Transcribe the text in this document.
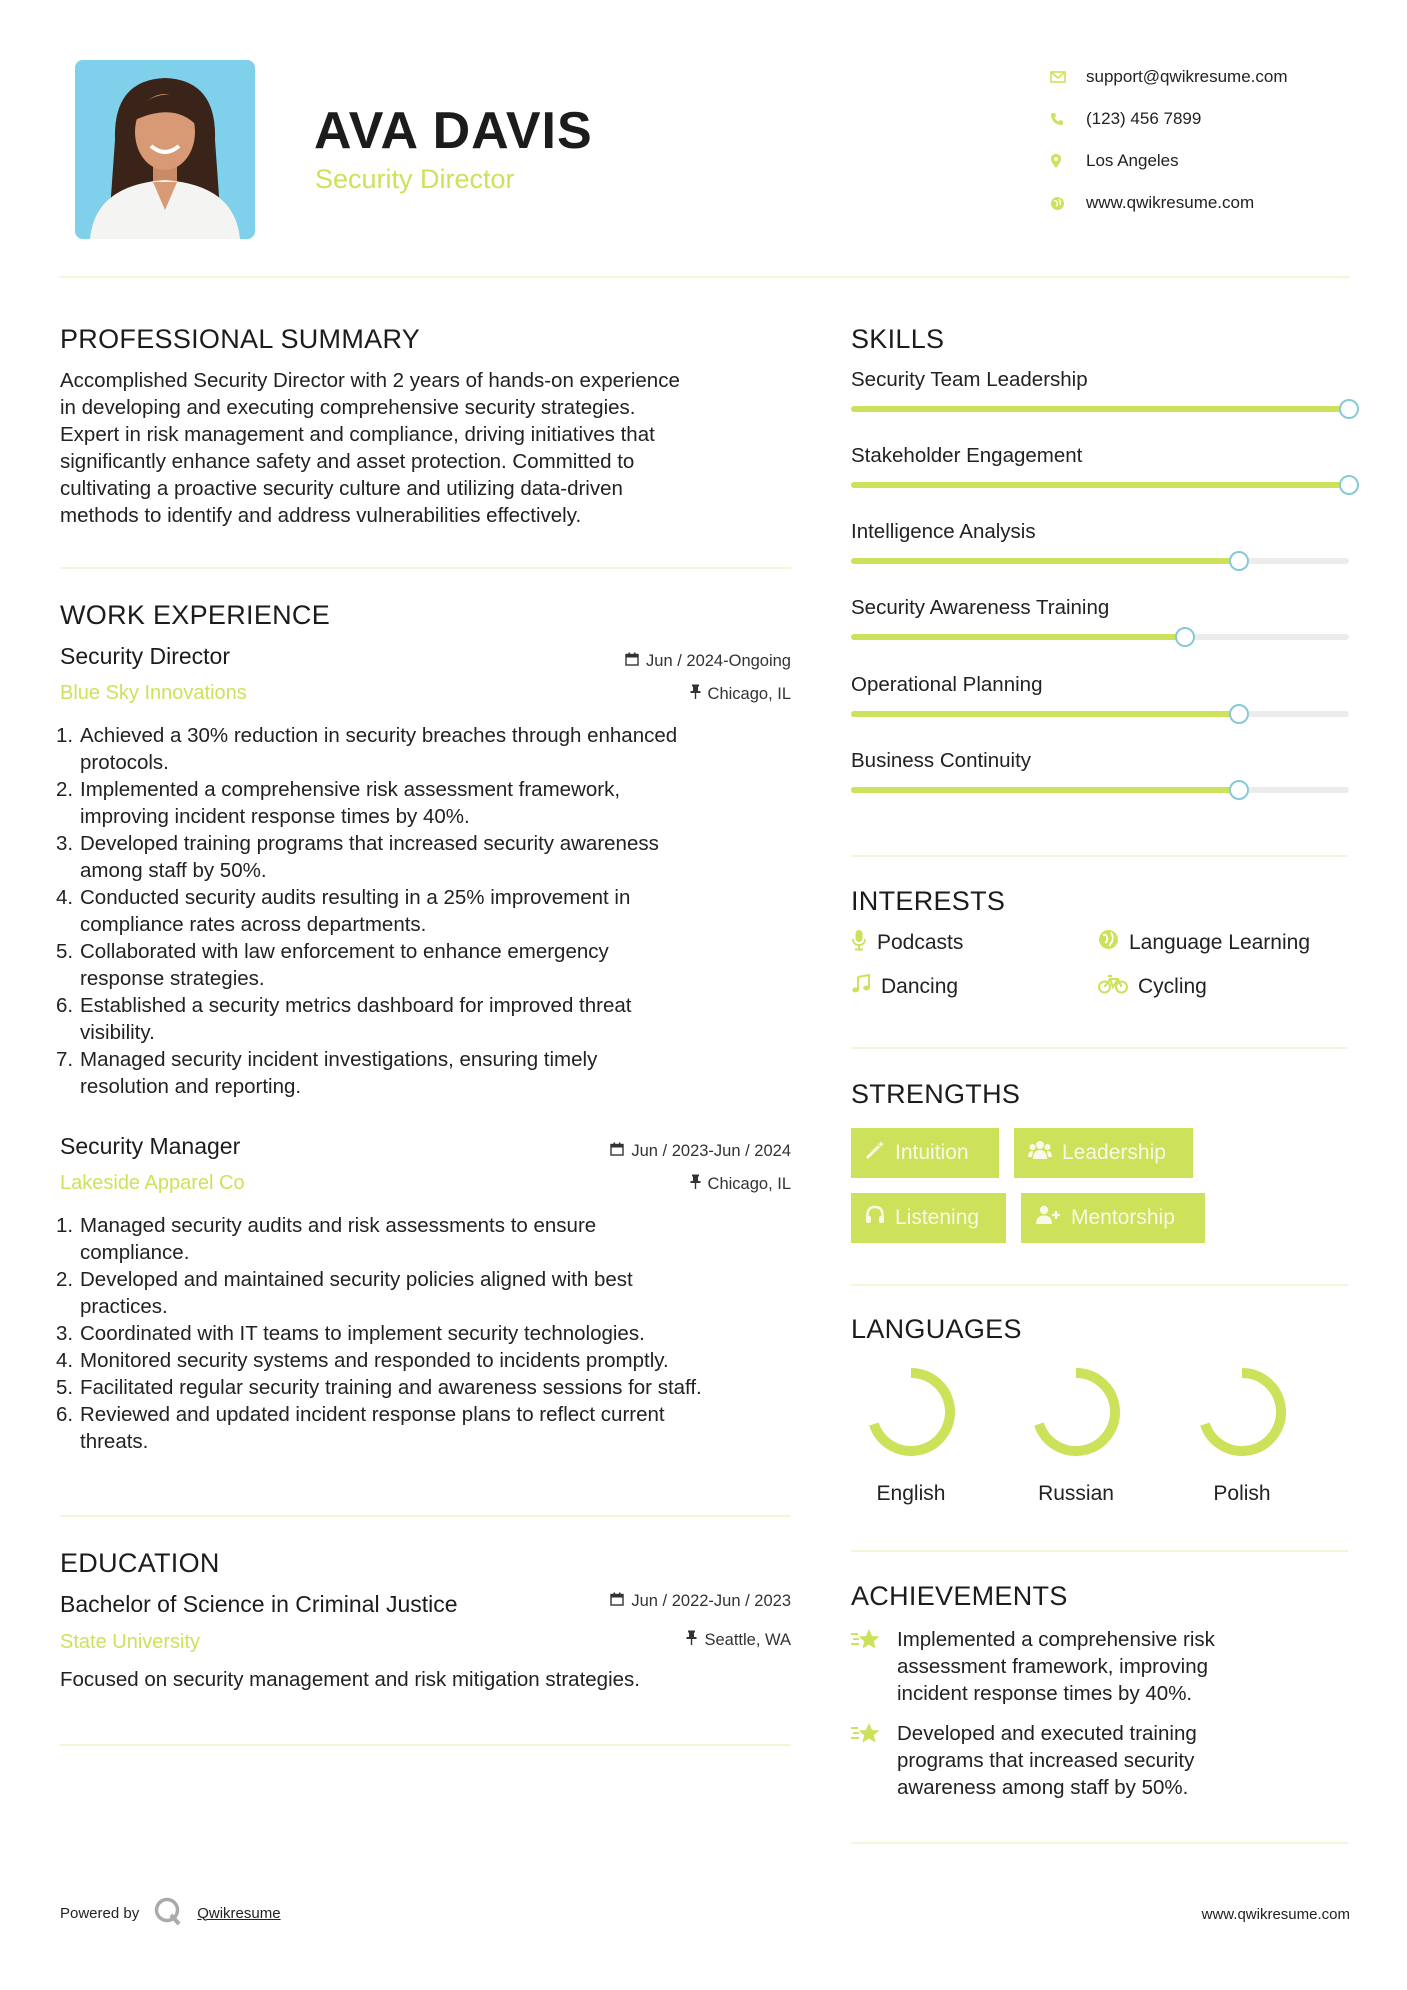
AVA DAVIS
Security Director
support@qwikresume.com
(123) 456 7899
Los Angeles
www.qwikresume.com
PROFESSIONAL SUMMARY
Accomplished Security Director with 2 years of hands-on experience
in developing and executing comprehensive security strategies.
Expert in risk management and compliance, driving initiatives that
significantly enhance safety and asset protection. Committed to
cultivating a proactive security culture and utilizing data-driven
methods to identify and address vulnerabilities effectively.
WORK EXPERIENCE
Security Director	Jun / 2024-Ongoing
Blue Sky Innovations	Chicago, IL
1. Achieved a 30% reduction in security breaches through enhanced
protocols.
2. Implemented a comprehensive risk assessment framework,
improving incident response times by 40%.
3. Developed training programs that increased security awareness
among staff by 50%.
4. Conducted security audits resulting in a 25% improvement in
compliance rates across departments.
5. Collaborated with law enforcement to enhance emergency
response strategies.
6. Established a security metrics dashboard for improved threat
visibility.
7. Managed security incident investigations, ensuring timely
resolution and reporting.
Security Manager	Jun / 2023-Jun / 2024
Lakeside Apparel Co	Chicago, IL
1. Managed security audits and risk assessments to ensure
compliance.
2. Developed and maintained security policies aligned with best
practices.
3. Coordinated with IT teams to implement security technologies.
4. Monitored security systems and responded to incidents promptly.
5. Facilitated regular security training and awareness sessions for staff.
6. Reviewed and updated incident response plans to reflect current
threats.
EDUCATION
Bachelor of Science in Criminal Justice	Jun / 2022-Jun / 2023
State University	Seattle, WA
Focused on security management and risk mitigation strategies.
SKILLS
Security Team Leadership
Stakeholder Engagement
Intelligence Analysis
Security Awareness Training
Operational Planning
Business Continuity
INTERESTS
Podcasts	Language Learning
Dancing	Cycling
STRENGTHS
Intuition	Leadership
Listening	Mentorship
LANGUAGES
English	Russian	Polish
ACHIEVEMENTS
Implemented a comprehensive risk
assessment framework, improving
incident response times by 40%.
Developed and executed training
programs that increased security
awareness among staff by 50%.
Powered by	Qwikresume	www.qwikresume.com
